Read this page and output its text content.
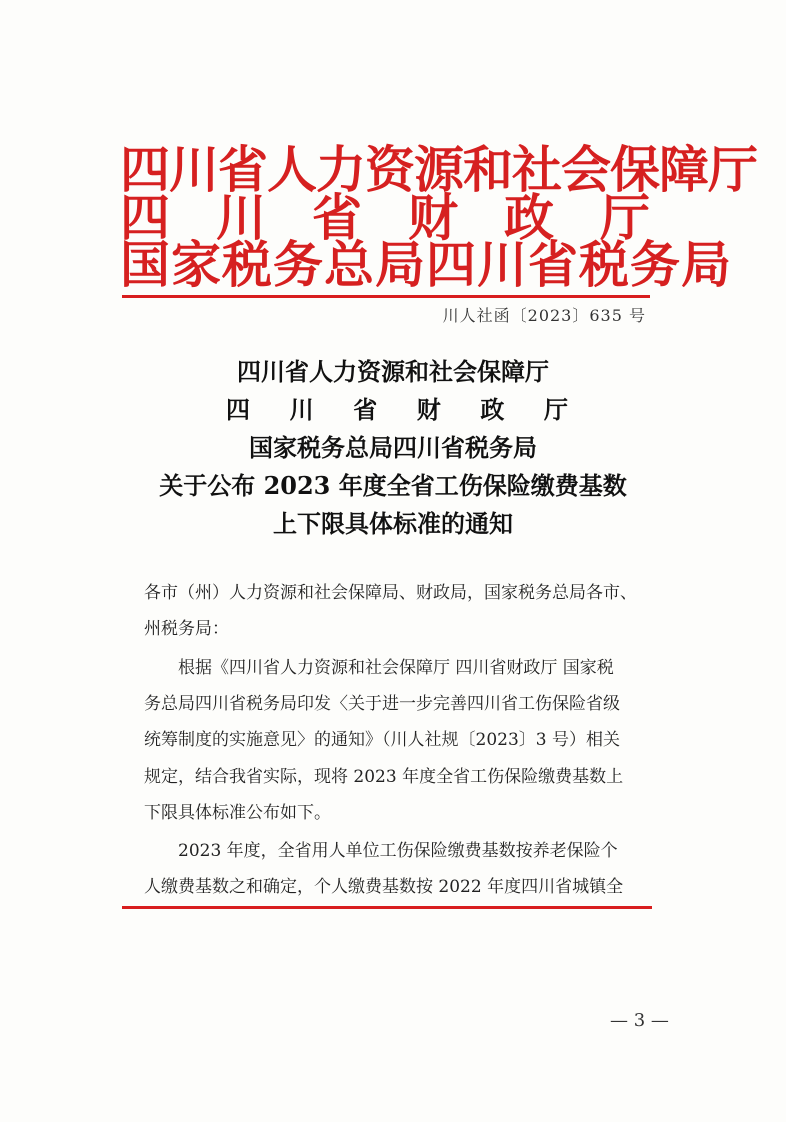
四川省人力资源和社会保障厅
四 川 省 财 政 厅
国家税务总局四川省税务局
川人社函〔2023〕635 号
四川省人力资源和社会保障厅
四 川 省 财 政 厅
国家税务总局四川省税务局
关于公布 2023 年度全省工伤保险缴费基数
上下限具体标准的通知
各市（州）人力资源和社会保障局、财政局，国家税务总局各市、
州税务局：
根据《四川省人力资源和社会保障厅 四川省财政厅 国家税
务总局四川省税务局印发〈关于进一步完善四川省工伤保险省级
统筹制度的实施意见〉的通知》（川人社规〔2023〕3 号）相关
规定，结合我省实际，现将 2023 年度全省工伤保险缴费基数上
下限具体标准公布如下。
2023 年度，全省用人单位工伤保险缴费基数按养老保险个
人缴费基数之和确定，个人缴费基数按 2022 年度四川省城镇全
— 3 —
